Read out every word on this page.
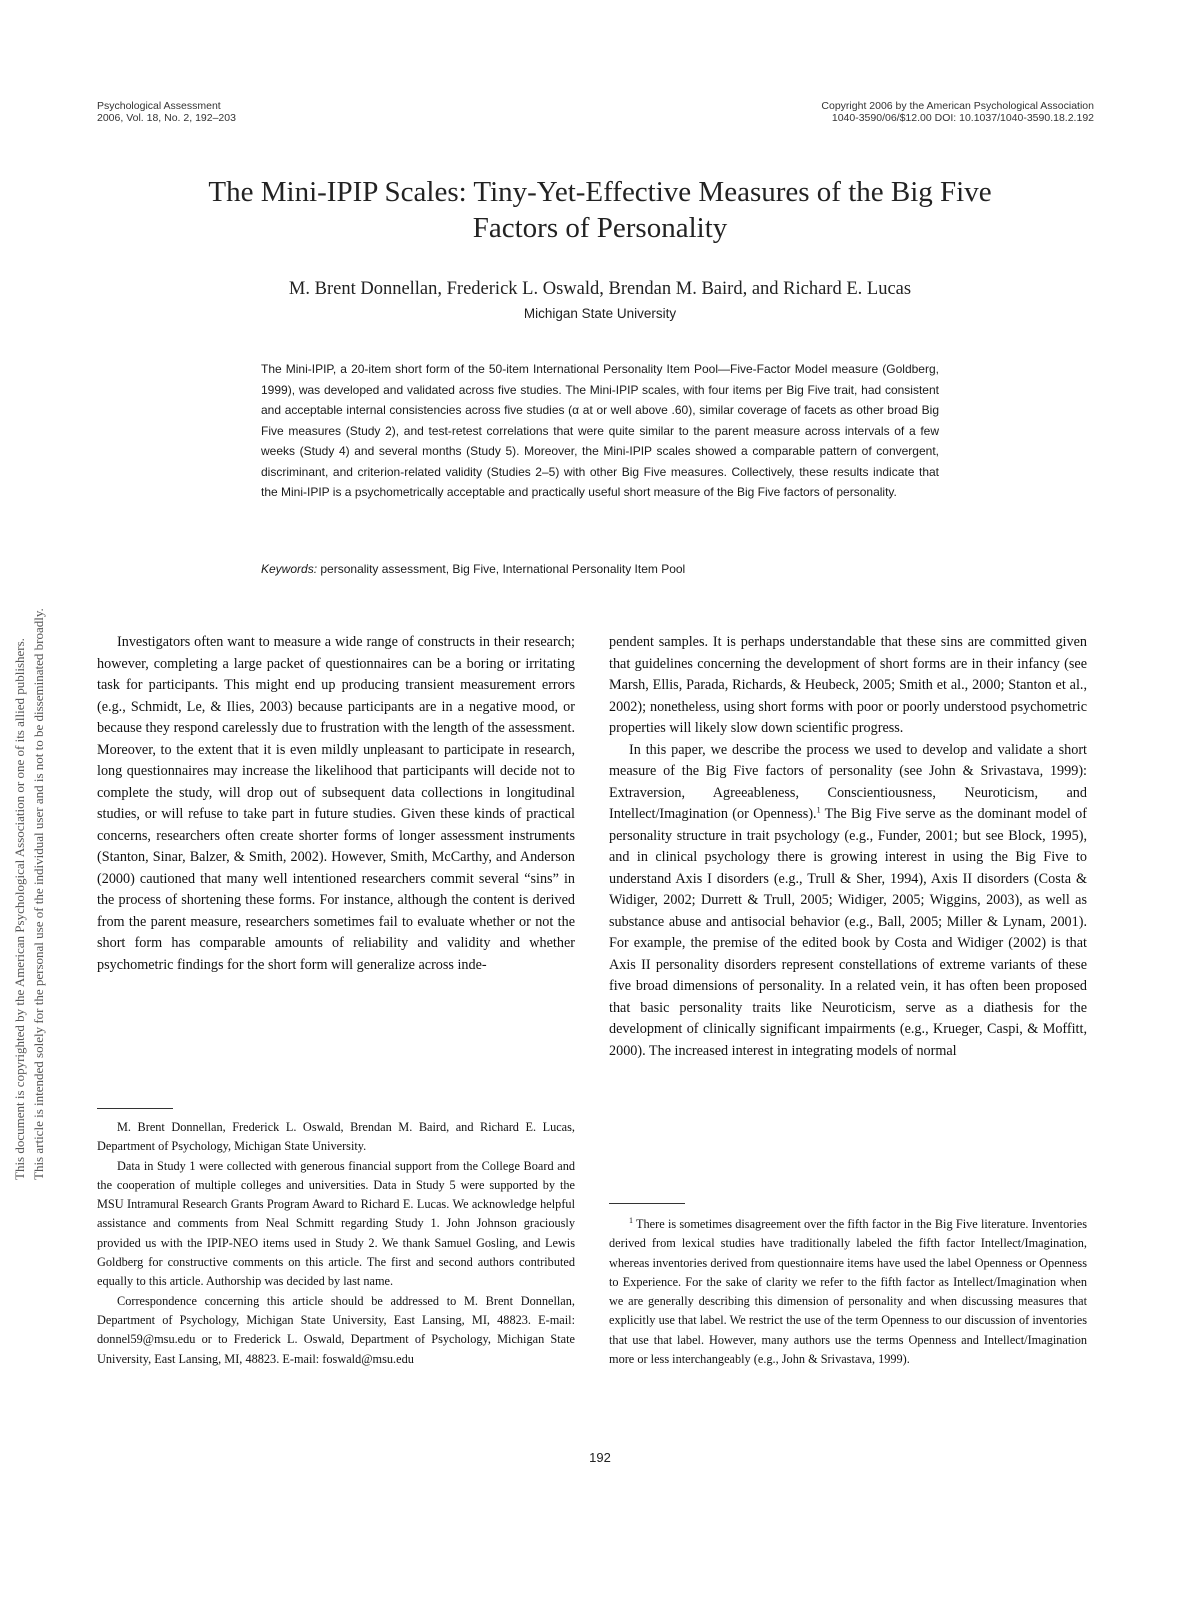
Psychological Assessment
2006, Vol. 18, No. 2, 192–203
Copyright 2006 by the American Psychological Association
1040-3590/06/$12.00 DOI: 10.1037/1040-3590.18.2.192
The Mini-IPIP Scales: Tiny-Yet-Effective Measures of the Big Five
Factors of Personality
M. Brent Donnellan, Frederick L. Oswald, Brendan M. Baird, and Richard E. Lucas
Michigan State University
The Mini-IPIP, a 20-item short form of the 50-item International Personality Item Pool—Five-Factor Model measure (Goldberg, 1999), was developed and validated across five studies. The Mini-IPIP scales, with four items per Big Five trait, had consistent and acceptable internal consistencies across five studies (α at or well above .60), similar coverage of facets as other broad Big Five measures (Study 2), and test-retest correlations that were quite similar to the parent measure across intervals of a few weeks (Study 4) and several months (Study 5). Moreover, the Mini-IPIP scales showed a comparable pattern of convergent, discriminant, and criterion-related validity (Studies 2–5) with other Big Five measures. Collectively, these results indicate that the Mini-IPIP is a psychometrically acceptable and practically useful short measure of the Big Five factors of personality.
Keywords: personality assessment, Big Five, International Personality Item Pool

Investigators often want to measure a wide range of constructs in their research; however, completing a large packet of questionnaires can be a boring or irritating task for participants. This might end up producing transient measurement errors (e.g., Schmidt, Le, & Ilies, 2003) because participants are in a negative mood, or because they respond carelessly due to frustration with the length of the assessment. Moreover, to the extent that it is even mildly unpleasant to participate in research, long questionnaires may increase the likelihood that participants will decide not to complete the study, will drop out of subsequent data collections in longitudinal studies, or will refuse to take part in future studies. Given these kinds of practical concerns, researchers often create shorter forms of longer assessment instruments (Stanton, Sinar, Balzer, & Smith, 2002). However, Smith, McCarthy, and Anderson (2000) cautioned that many well intentioned researchers commit several “sins” in the process of shortening these forms. For instance, although the content is derived from the parent measure, researchers sometimes fail to evaluate whether or not the short form has comparable amounts of reliability and validity and whether psychometric findings for the short form will generalize across inde-

pendent samples. It is perhaps understandable that these sins are committed given that guidelines concerning the development of short forms are in their infancy (see Marsh, Ellis, Parada, Richards, & Heubeck, 2005; Smith et al., 2000; Stanton et al., 2002); nonetheless, using short forms with poor or poorly understood psychometric properties will likely slow down scientific progress.

In this paper, we describe the process we used to develop and validate a short measure of the Big Five factors of personality (see John & Srivastava, 1999): Extraversion, Agreeableness, Conscientiousness, Neuroticism, and Intellect/Imagination (or Openness).$^1$ The Big Five serve as the dominant model of personality structure in trait psychology (e.g., Funder, 2001; but see Block, 1995), and in clinical psychology there is growing interest in using the Big Five to understand Axis I disorders (e.g., Trull & Sher, 1994), Axis II disorders (Costa & Widiger, 2002; Durrett & Trull, 2005; Widiger, 2005; Wiggins, 2003), as well as substance abuse and antisocial behavior (e.g., Ball, 2005; Miller & Lynam, 2001). For example, the premise of the edited book by Costa and Widiger (2002) is that Axis II personality disorders represent constellations of extreme variants of these five broad dimensions of personality. In a related vein, it has often been proposed that basic personality traits like Neuroticism, serve as a diathesis for the development of clinically significant impairments (e.g., Krueger, Caspi, & Moffitt, 2000). The increased interest in integrating models of normal

M. Brent Donnellan, Frederick L. Oswald, Brendan M. Baird, and Richard E. Lucas, Department of Psychology, Michigan State University.

Data in Study 1 were collected with generous financial support from the College Board and the cooperation of multiple colleges and universities. Data in Study 5 were supported by the MSU Intramural Research Grants Program Award to Richard E. Lucas. We acknowledge helpful assistance and comments from Neal Schmitt regarding Study 1. John Johnson graciously provided us with the IPIP-NEO items used in Study 2. We thank Samuel Gosling, and Lewis Goldberg for constructive comments on this article. The first and second authors contributed equally to this article. Authorship was decided by last name.

Correspondence concerning this article should be addressed to M. Brent Donnellan, Department of Psychology, Michigan State University, East Lansing, MI, 48823. E-mail: donnel59@msu.edu or to Frederick L. Oswald, Department of Psychology, Michigan State University, East Lansing, MI, 48823. E-mail: foswald@msu.edu

$^1$ There is sometimes disagreement over the fifth factor in the Big Five literature. Inventories derived from lexical studies have traditionally labeled the fifth factor Intellect/Imagination, whereas inventories derived from questionnaire items have used the label Openness or Openness to Experience. For the sake of clarity we refer to the fifth factor as Intellect/Imagination when we are generally describing this dimension of personality and when discussing measures that explicitly use that label. We restrict the use of the term Openness to our discussion of inventories that use that label. However, many authors use the terms Openness and Intellect/Imagination more or less interchangeably (e.g., John & Srivastava, 1999).

192
This document is copyrighted by the American Psychological Association or one of its allied publishers. This article is intended solely for the personal use of the individual user and is not to be disseminated broadly.
